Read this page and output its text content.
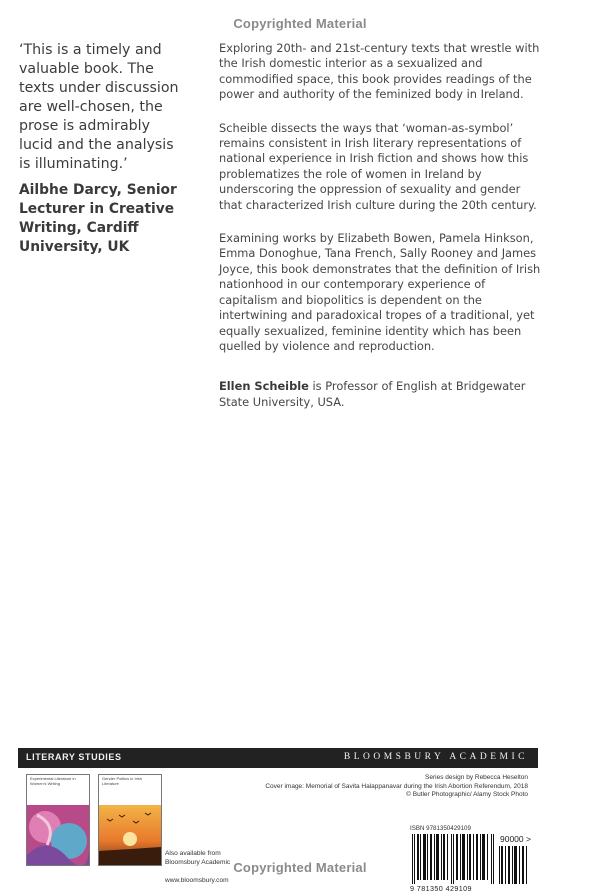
Copyrighted Material

‘This is a timely and valuable book. The texts under discussion are well-chosen, the prose is admirably lucid and the analysis is illuminating.’

Ailbhe Darcy, Senior Lecturer in Creative Writing, Cardiff University, UK

Exploring 20th- and 21st-century texts that wrestle with the Irish domestic interior as a sexualized and commodified space, this book provides readings of the power and authority of the feminized body in Ireland.

Scheible dissects the ways that ‘woman-as-symbol’ remains consistent in Irish literary representations of national experience in Irish fiction and shows how this problematizes the role of women in Ireland by underscoring the oppression of sexuality and gender that characterized Irish culture during the 20th century.

Examining works by Elizabeth Bowen, Pamela Hinkson, Emma Donoghue, Tana French, Sally Rooney and James Joyce, this book demonstrates that the definition of Irish nationhood in our contemporary experience of capitalism and biopolitics is dependent on the intertwining and paradoxical tropes of a traditional, yet equally sexualized, feminine identity which has been quelled by violence and reproduction.

Ellen Scheible is Professor of English at Bridgewater State University, USA.
LITERARY STUDIES	BLOOMSBURY ACADEMIC
Experimental Literature in Women's Writing
Gender Politics in Irish Literature
Also available from Bloomsbury Academic
www.bloomsbury.com
Series design by Rebecca Heselton
Cover image: Memorial of Savita Halappanavar during the Irish Abortion Referendum, 2018
© Butler Photographic/ Alamy Stock Photo
ISBN 9781350429109
90000 >
9 781350 429109
Copyrighted Material
